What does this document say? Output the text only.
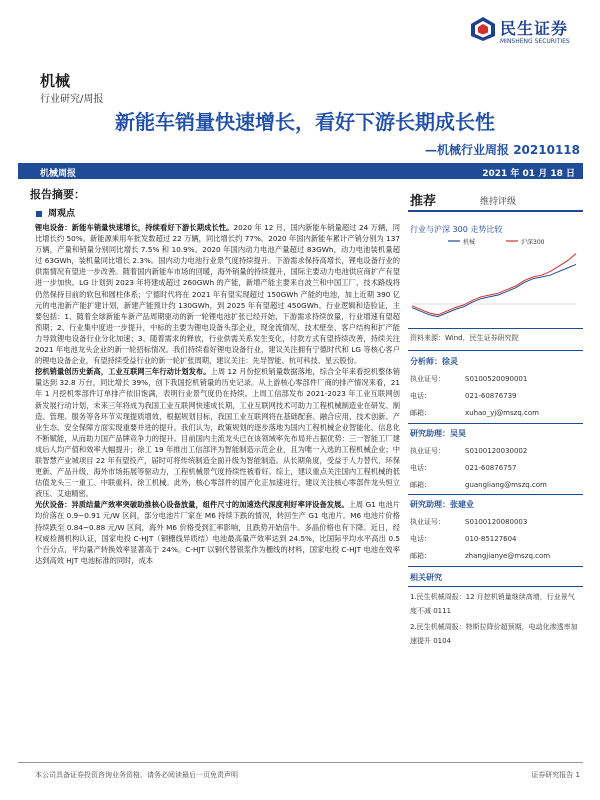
民生证券
MINSHENG SECURITIES
机械
行业研究/周报
新能车销量快速增长，看好下游长期成长性
—机械行业周报 20210118
机械周报	2021 年 01 月 18 日
报告摘要：
周观点

锂电设备：新能车销量快速增长，持续看好下游长期成长性。2020 年 12 月，国内新能车销量超过 24 万辆，同比增长约 50%。新能源乘用车批发数超过 22 万辆，同比增长约 77%。2020 年国内新能车累计产销分别为 137 万辆，产量和销量分别同比增长 7.5% 和 10.9%。2020 年国内动力电池产量超过 83GWh，动力电池装机量超过 63GWh，装机量同比增长 2.3%。国内动力电池行业景气度持续提升。下游需求保持高增长，锂电设备行业的供需情况有望进一步改善。随着国内新能车市场的回暖，海外销量的持续提升，国际主要动力电池供应商扩产有望进一步加快。LG 计划到 2023 年将建成超过 260GWh 的产能，新增产能主要来自波兰和中国工厂，技术路线将仍然保持目前的软包和圆柱体系；宁德时代将在 2021 年有望实现超过 150GWh 产能的电池，加上近期 390 亿元的电池新产能扩建计划，新建产能预计约 130GWh，到 2025 年有望超过 450GWh。行业逻辑和造验证，主要包括：1、随着全球新能车新产品周期驱动的新一轮锂电池扩张已经开始，下游需求持续放量，行业增速有望超预期；2、行业集中度进一步提升，中标的主要为锂电设备头部企业，现金流情况、技术壁垒、客户结构和扩产能力导致锂电设备行业分化加速；3、随着需求的释放，行业供需关系发生变化，付款方式有望持续改善，持续关注 2021 年电池龙头企业的新一轮招标情况。我们持续看好锂电设备行业，建议关注拥有宁德时代和 LG 等核心客户的锂电设备企业，有望持续受益行业的新一轮扩张周期，建议关注：先导智能、杭可科技、星云股份。

挖机销量创历史新高，工业互联网三年行动计划发布。上周 12 月份挖机销量数据落地，综合全年来看挖机整体销量达到 32.8 万台，同比增长 39%，创下我国挖机销量的历史记录。从上游核心零部件厂商的排产情况来看，21 年 1 月挖机零部件订单排产依旧饱满，表明行业景气度仍在持续。上周工信部发布 2021-2023 年工业互联网创新发展行动计划，未来三年将成为我国工业互联网快速成长期，工业互联网技术可助力工程机械制造业在研发、制造、管理、服务等各环节实现提质增效，根据规划目标，我国工业互联网将在基础配套、融合应用、技术创新、产业生态、安全保障方面实现重要并进的提升。我们认为，政策规划的逐步落地为国内工程机械企业智能化、信息化不断赋能，从而助力国产品牌竞争力的提升。目前国内主流龙头已在该领域率先布局并占据优势：三一智能工厂建成后人均产值和效率大幅提升；徐工 19 年推出工信部评为智能制造示范企业，且为唯一入选的工程机械企业；中联智慧产业城项目 22 年有望投产，届时可将传统制造全面升级为智能制造。从长期角度，受益于人力替代、环保更新、产品升级、海外市场拓展等驱动力，工程机械景气度持续性被看好。综上，建议重点关注国内工程机械的低估值龙头三一重工、中联重科、徐工机械。此外，核心零部件的国产化正加速进行，建议关注核心零部件龙头恒立液压、艾迪精密。

光伏设备：异质结量产效率突破助推核心设备放量，组件尺寸的加速迭代深度利好率评设备发展。上周 G1 电池片均价落在 0.9~0.91 元/W 区间，部分电池片厂家在 M6 持续下跌的情况，转回生产 G1 电池片。M6 电池片价格持续跌至 0.84~0.88 元/W 区间，海外 M6 价格受到汇率影响，且跌势开始倍牛。多晶价格也有下降。近日，经权威检测机构认证，国家电投 C-HJT（铜栅线异质结）电池最高量产效率达到 24.5%，比国际平均水平高出 0.5 个百分点，平均量产转换效率显著高于 24%。C-HJT 以铜代替银浆作为栅线的材料，国家电投 C-HJT 电池在效率达到高效 HJT 电池标准的同时，成本

推荐	维持评级
行业与沪深 300 走势比较
机械	沪深300
资料来源：Wind，民生证券研究院
分析师：徐灵
执业证号：	S0100520090001
电话：	021-60876739
邮箱：	xuhao_yj@mszq.com
研究助理：吴昊
执业证号：	S0100120030002
电话：	021-60876757
邮箱：	guangliang@mszq.com
研究助理：张建业
执业证号：	S0100120080003
电话：	010-85127604
邮箱：	zhangjianye@mszq.com
相关研究
1.民生机械周报：12 月挖机销量继续高增，行业景气度不减 0111
2.民生机械周报：特斯拉降价超预期，电动化渗透率加速提升 0104
本公司具备证券投资咨询业务资格，请务必阅读最后一页免责声明	证券研究报告 1
